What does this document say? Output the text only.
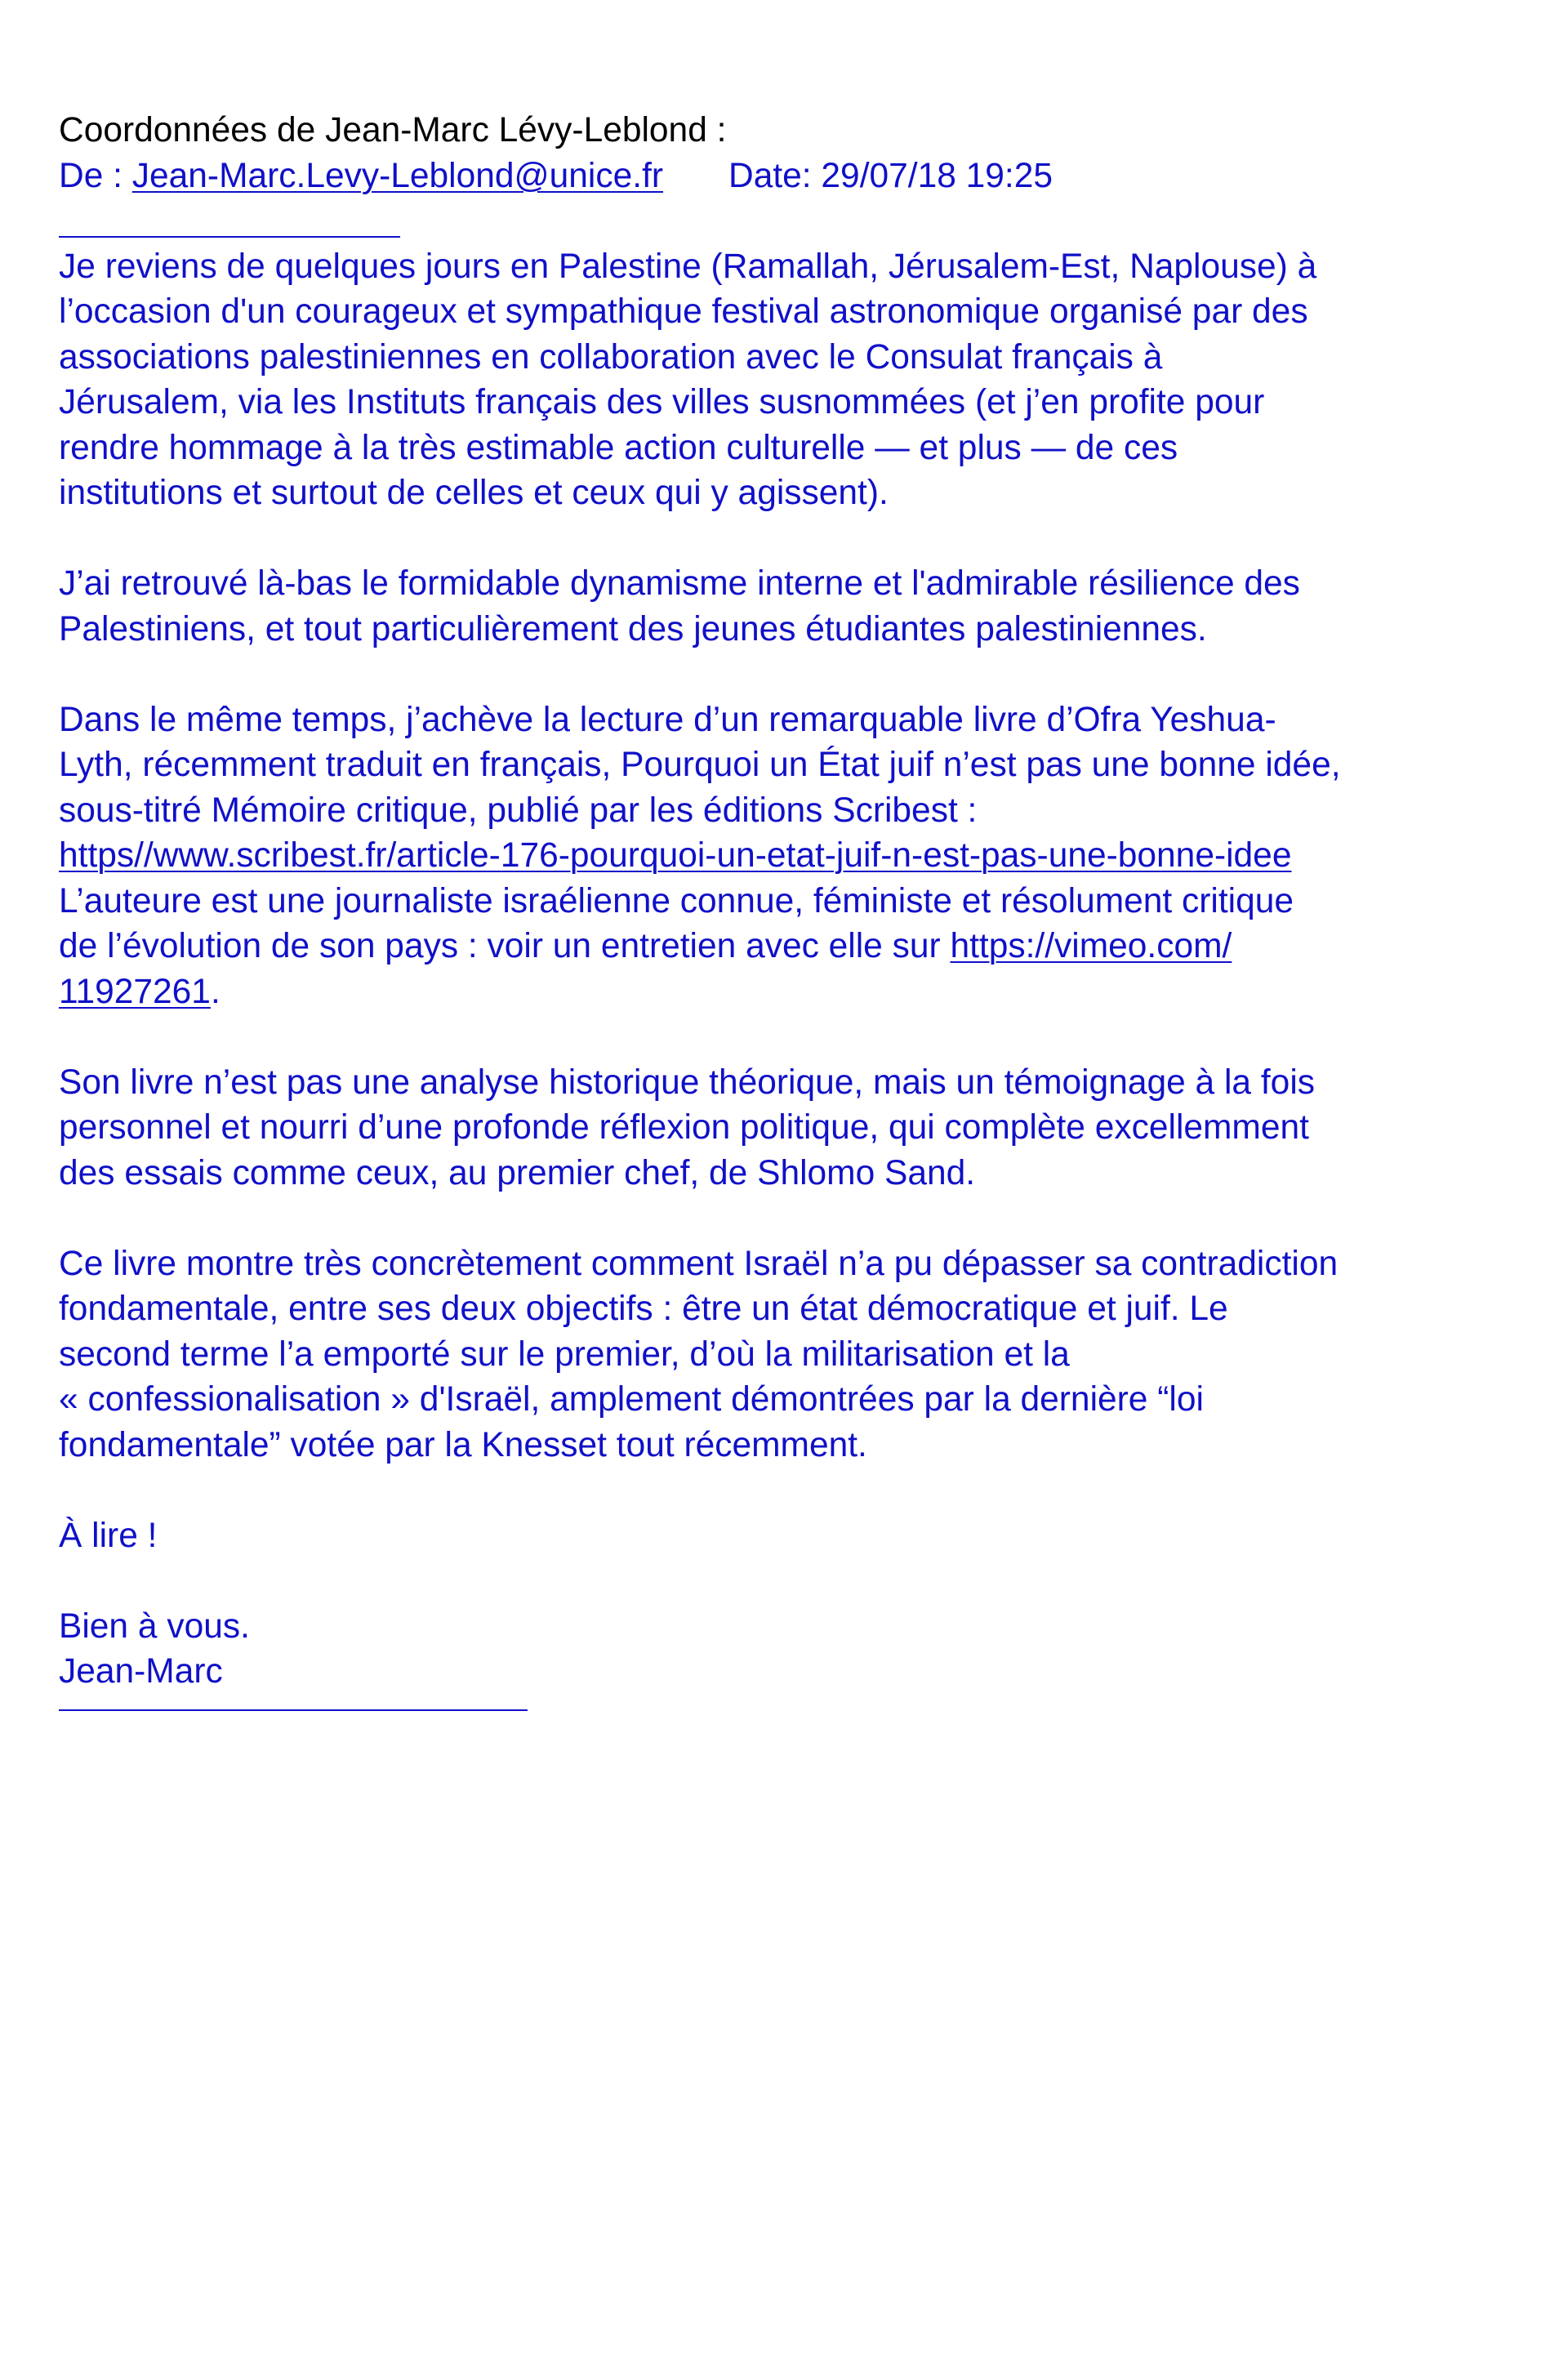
Coordonnées de Jean-Marc Lévy-Leblond :
De : Jean-Marc.Levy-Leblond@unice.fr Date: 29/07/18 19:25
Je reviens de quelques jours en Palestine (Ramallah, Jérusalem-Est, Naplouse) à
l’occasion d'un courageux et sympathique festival astronomique organisé par des
associations palestiniennes en collaboration avec le Consulat français à
Jérusalem, via les Instituts français des villes susnommées (et j’en profite pour
rendre hommage à la très estimable action culturelle — et plus — de ces
institutions et surtout de celles et ceux qui y agissent).
J’ai retrouvé là-bas le formidable dynamisme interne et l'admirable résilience des
Palestiniens, et tout particulièrement des jeunes étudiantes palestiniennes.
Dans le même temps, j’achève la lecture d’un remarquable livre d’Ofra Yeshua-
Lyth, récemment traduit en français, Pourquoi un État juif n’est pas une bonne idée,
sous-titré Mémoire critique, publié par les éditions Scribest :
https//www.scribest.fr/article-176-pourquoi-un-etat-juif-n-est-pas-une-bonne-idee
L’auteure est une journaliste israélienne connue, féministe et résolument critique
de l’évolution de son pays : voir un entretien avec elle sur https://vimeo.com/
11927261.
Son livre n’est pas une analyse historique théorique, mais un témoignage à la fois
personnel et nourri d’une profonde réflexion politique, qui complète excellemment
des essais comme ceux, au premier chef, de Shlomo Sand.
Ce livre montre très concrètement comment Israël n’a pu dépasser sa contradiction
fondamentale, entre ses deux objectifs : être un état démocratique et juif. Le
second terme l’a emporté sur le premier, d’où la militarisation et la
« confessionalisation » d'Israël, amplement démontrées par la dernière “loi
fondamentale” votée par la Knesset tout récemment.
À lire !
Bien à vous.
Jean-Marc
